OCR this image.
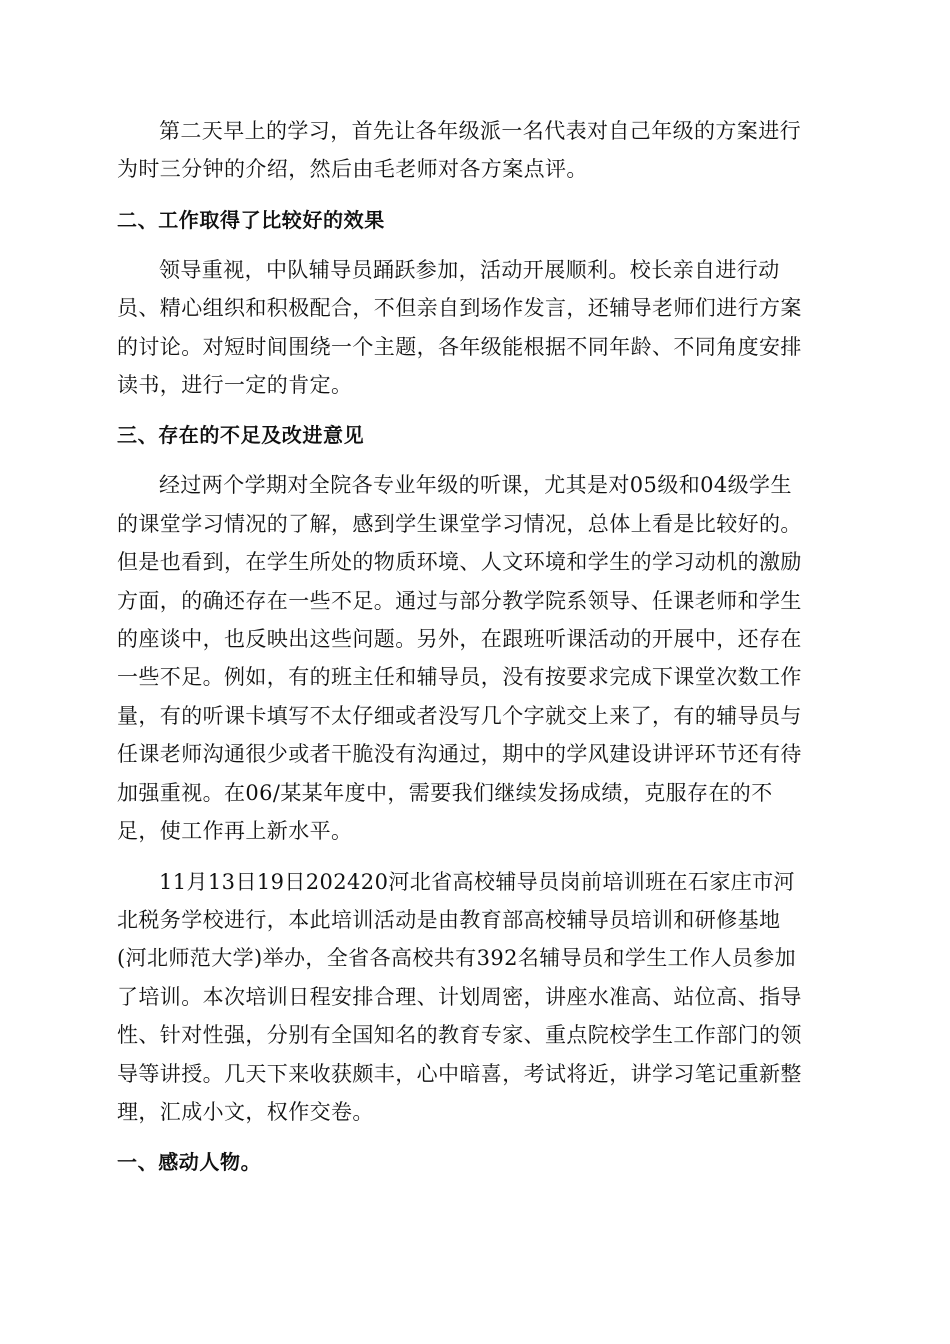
第二天早上的学习，首先让各年级派一名代表对自己年级的方案进行
为时三分钟的介绍，然后由毛老师对各方案点评。
二、工作取得了比较好的效果
领导重视，中队辅导员踊跃参加，活动开展顺利。校长亲自进行动
员、精心组织和积极配合，不但亲自到场作发言，还辅导老师们进行方案
的讨论。对短时间围绕一个主题，各年级能根据不同年龄、不同角度安排
读书，进行一定的肯定。
三、存在的不足及改进意见
经过两个学期对全院各专业年级的听课，尤其是对05级和04级学生
的课堂学习情况的了解，感到学生课堂学习情况，总体上看是比较好的。
但是也看到，在学生所处的物质环境、人文环境和学生的学习动机的激励
方面，的确还存在一些不足。通过与部分教学院系领导、任课老师和学生
的座谈中，也反映出这些问题。另外，在跟班听课活动的开展中，还存在
一些不足。例如，有的班主任和辅导员，没有按要求完成下课堂次数工作
量，有的听课卡填写不太仔细或者没写几个字就交上来了，有的辅导员与
任课老师沟通很少或者干脆没有沟通过，期中的学风建设讲评环节还有待
加强重视。在06/某某年度中，需要我们继续发扬成绩，克服存在的不
足，使工作再上新水平。
11月13日19日202420河北省高校辅导员岗前培训班在石家庄市河
北税务学校进行，本此培训活动是由教育部高校辅导员培训和研修基地
(河北师范大学)举办，全省各高校共有392名辅导员和学生工作人员参加
了培训。本次培训日程安排合理、计划周密，讲座水准高、站位高、指导
性、针对性强，分别有全国知名的教育专家、重点院校学生工作部门的领
导等讲授。几天下来收获颇丰，心中暗喜，考试将近，讲学习笔记重新整
理，汇成小文，权作交卷。
一、感动人物。
